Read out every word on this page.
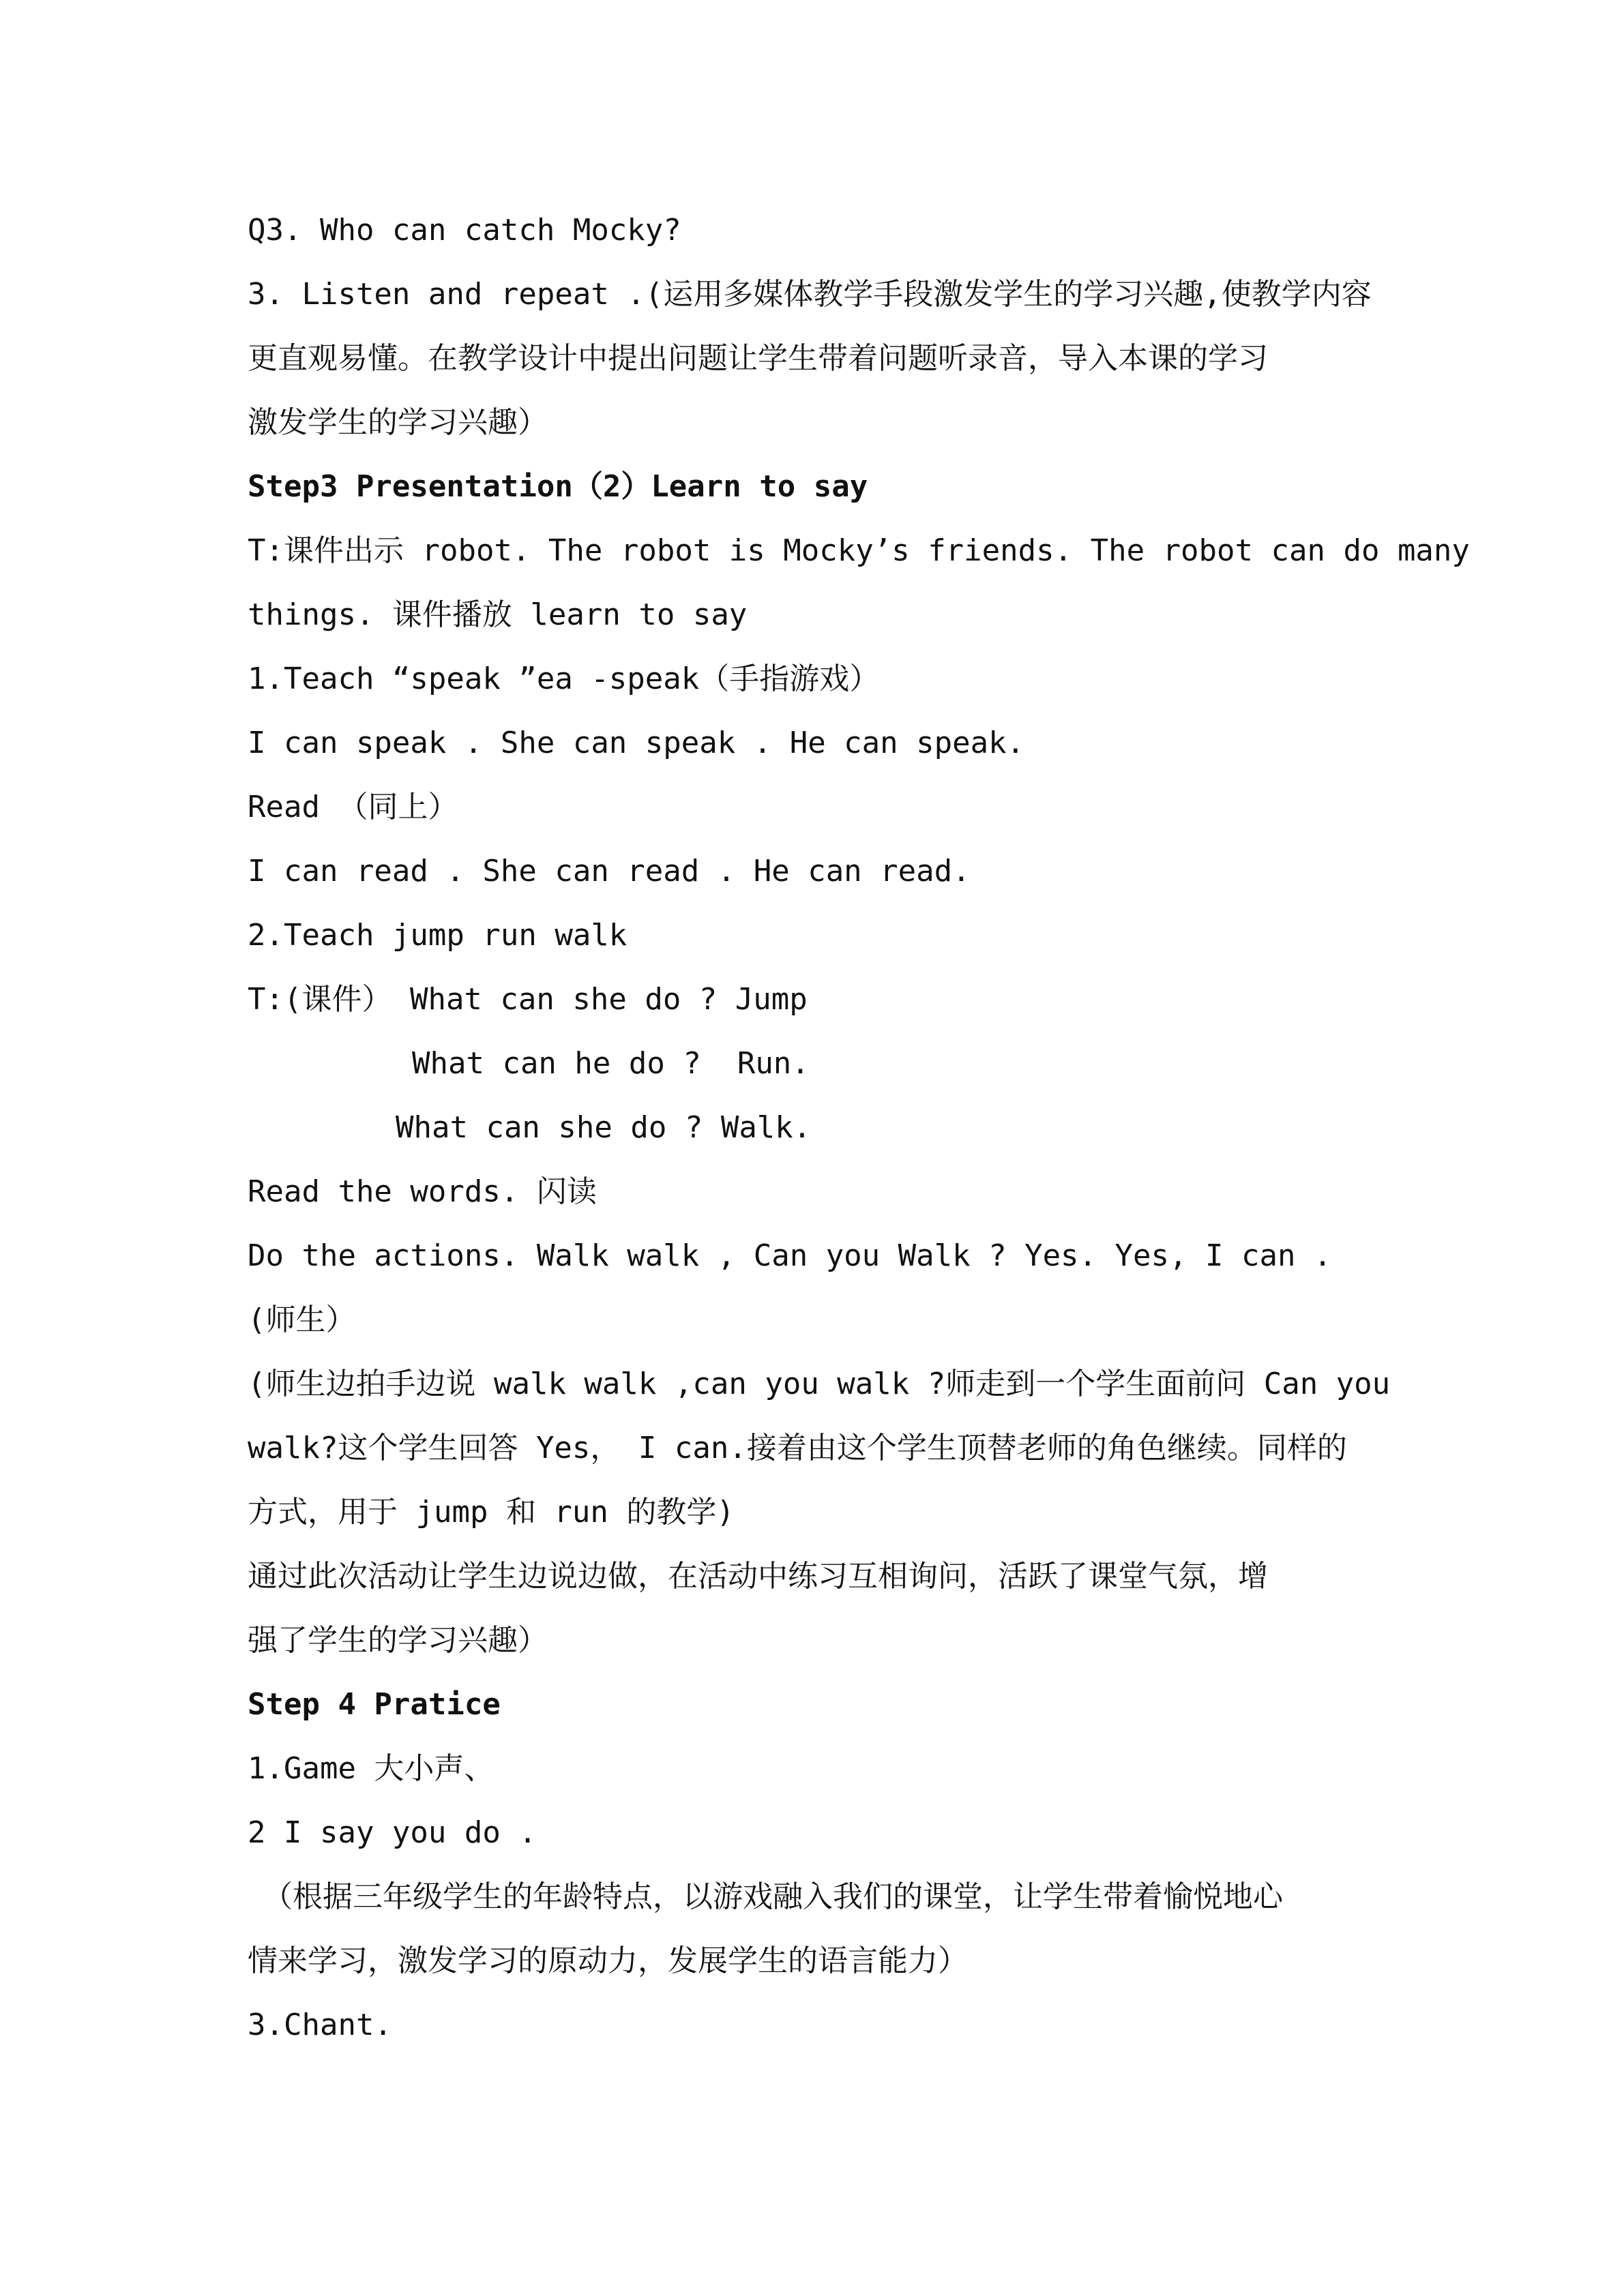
Q3. Who can catch Mocky?
3. Listen and repeat .(运用多媒体教学手段激发学生的学习兴趣,使教学内容
更直观易懂。在教学设计中提出问题让学生带着问题听录音，导入本课的学习
激发学生的学习兴趣）
Step3 Presentation（2）Learn to say
T:课件出示 robot. The robot is Mocky’s friends. The robot can do many
things. 课件播放 learn to say
1.Teach “speak ”ea -speak（手指游戏）
I can speak . She can speak . He can speak.
Read （同上）
I can read . She can read . He can read.
2.Teach jump run walk
T:(课件） What can she do ? Jump
What can he do ?  Run.
What can she do ? Walk.
Read the words. 闪读
Do the actions. Walk walk , Can you Walk ? Yes. Yes, I can .
(师生）
(师生边拍手边说 walk walk ,can you walk ?师走到一个学生面前问 Can you
walk?这个学生回答 Yes， I can.接着由这个学生顶替老师的角色继续。同样的
方式，用于 jump 和 run 的教学)
通过此次活动让学生边说边做，在活动中练习互相询问，活跃了课堂气氛，增
强了学生的学习兴趣）
Step 4 Pratice
1.Game 大小声、
2 I say you do .
（根据三年级学生的年龄特点，以游戏融入我们的课堂，让学生带着愉悦地心
情来学习，激发学习的原动力，发展学生的语言能力）
3.Chant.
